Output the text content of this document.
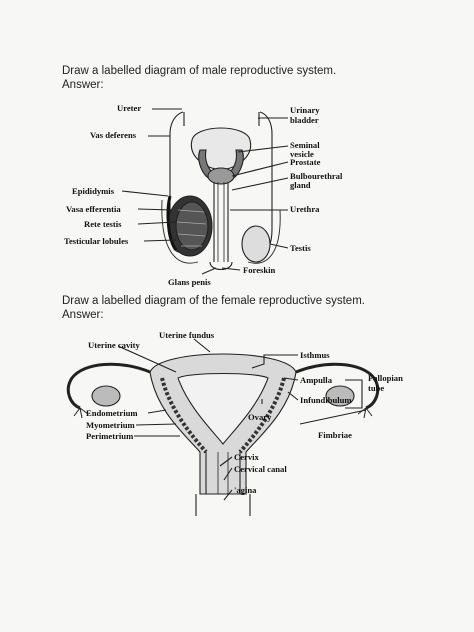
Draw a labelled diagram of male reproductive system.
Answer:
Ureter	Urinary
bladder
Vas deferens
Seminal
vesicle
Prostate
Bulbourethral
gland
Epididymis
Urethra
Vasa efferentia
Rete testis
Testicular lobules
Testis
Foreskin
Glans penis
Draw a labelled diagram of the female reproductive system.
Answer:
Uterine fundus
Uterine cavity
Isthmus
Ampulla	Fallopian
tube
Infundibulum
Ovary
Fimbriae
Endometrium
Myometrium
Perimetrium
Cervix
Cervical canal
'agina
